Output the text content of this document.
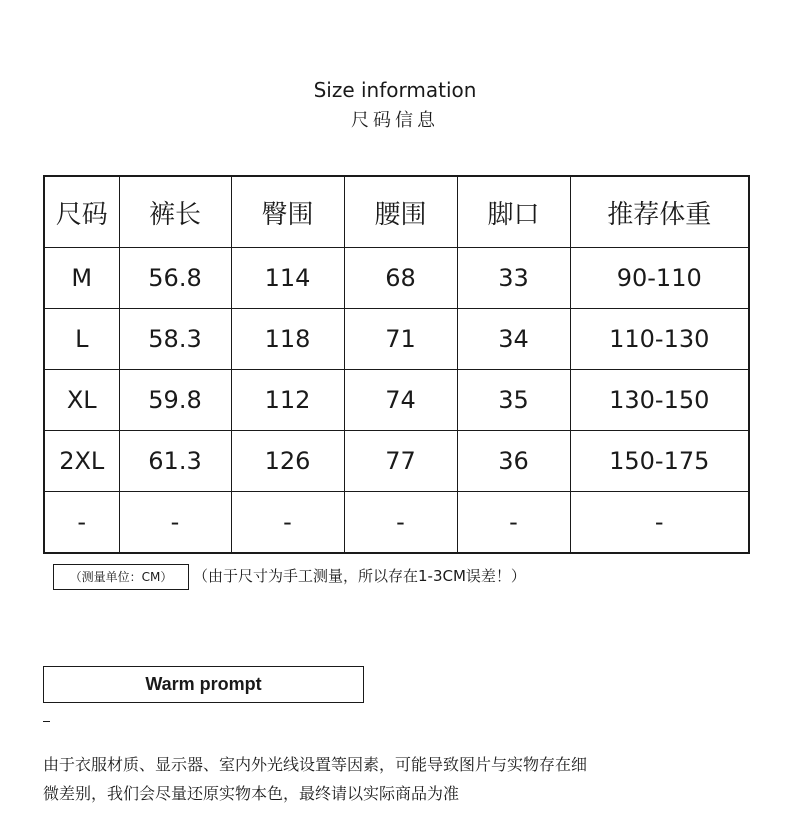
Size information
尺码信息
尺码	裤长	臀围	腰围	脚口	推荐体重
M	56.8	114	68	33	90-110
L	58.3	118	71	34	110-130
XL	59.8	112	74	35	130-150
2XL	61.3	126	77	36	150-175
-	-	-	-	-	-
（测量单位：CM）	（由于尺寸为手工测量，所以存在1-3CM误差！）
Warm prompt

由于衣服材质、显示器、室内外光线设置等因素，可能导致图片与实物存在细

微差别，我们会尽量还原实物本色，最终请以实际商品为准
